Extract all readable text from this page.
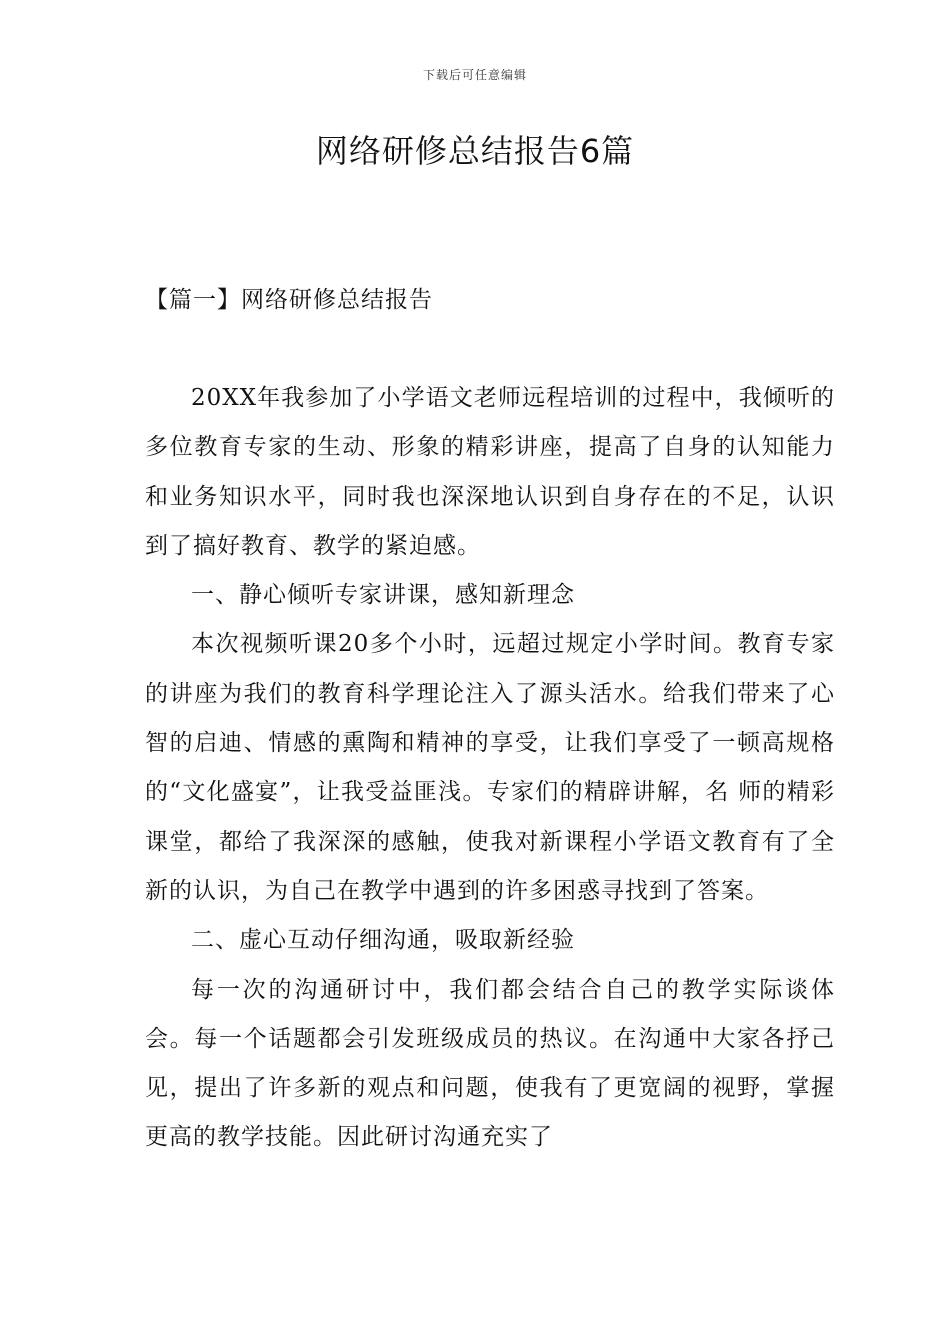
下载后可任意编辑
网络研修总结报告6篇
【篇一】网络研修总结报告

20XX年我参加了小学语文老师远程培训的过程中，我倾听的多位教育专家的生动、形象的精彩讲座，提高了自身的认知能力和业务知识水平，同时我也深深地认识到自身存在的不足，认识到了搞好教育、教学的紧迫感。

一、静心倾听专家讲课，感知新理念

本次视频听课20多个小时，远超过规定小学时间。教育专家的讲座为我们的教育科学理论注入了源头活水。给我们带来了心智的启迪、情感的熏陶和精神的享受，让我们享受了一顿高规格的“文化盛宴”，让我受益匪浅。专家们的精辟讲解，名 师的精彩课堂，都给了我深深的感触，使我对新课程小学语文教育有了全新的认识，为自己在教学中遇到的许多困惑寻找到了答案。

二、虚心互动仔细沟通，吸取新经验

每一次的沟通研讨中，我们都会结合自己的教学实际谈体会。每一个话题都会引发班级成员的热议。在沟通中大家各抒己见，提出了许多新的观点和问题，使我有了更宽阔的视野，掌握更高的教学技能。因此研讨沟通充实了
